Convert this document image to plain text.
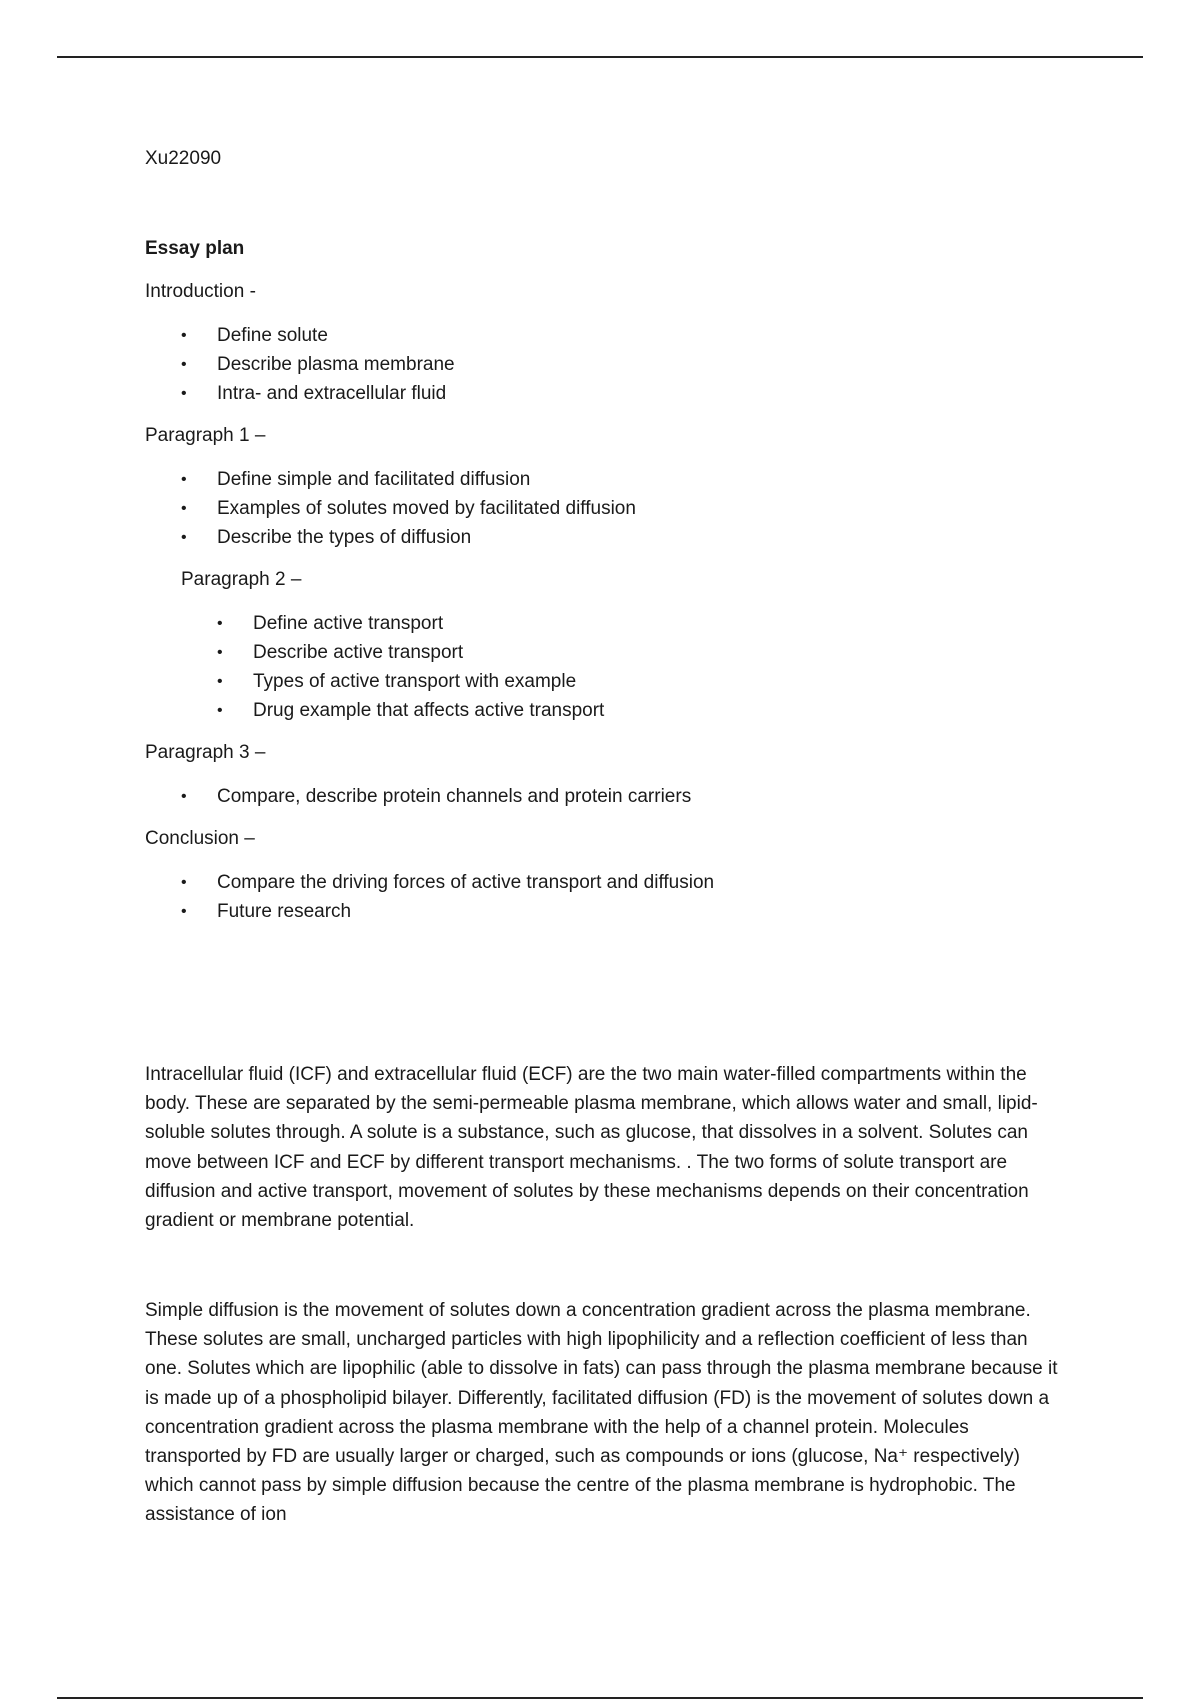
Xu22090
Essay plan
Introduction -
• Define solute
• Describe plasma membrane
• Intra- and extracellular fluid
Paragraph 1 –
• Define simple and facilitated diffusion
• Examples of solutes moved by facilitated diffusion
• Describe the types of diffusion
Paragraph 2 –
• Define active transport
• Describe active transport
• Types of active transport with example
• Drug example that affects active transport
Paragraph 3 –
• Compare, describe protein channels and protein carriers
Conclusion –
• Compare the driving forces of active transport and diffusion
• Future research

Intracellular fluid (ICF) and extracellular fluid (ECF) are the two main water-filled compartments within the body. These are separated by the semi-permeable plasma membrane, which allows water and small, lipid-soluble solutes through. A solute is a substance, such as glucose, that dissolves in a solvent. Solutes can move between ICF and ECF by different transport mechanisms. . The two forms of solute transport are diffusion and active transport, movement of solutes by these mechanisms depends on their concentration gradient or membrane potential.

Simple diffusion is the movement of solutes down a concentration gradient across the plasma membrane. These solutes are small, uncharged particles with high lipophilicity and a reflection coefficient of less than one. Solutes which are lipophilic (able to dissolve in fats) can pass through the plasma membrane because it is made up of a phospholipid bilayer. Differently, facilitated diffusion (FD) is the movement of solutes down a concentration gradient across the plasma membrane with the help of a channel protein. Molecules transported by FD are usually larger or charged, such as compounds or ions (glucose, Na⁺ respectively) which cannot pass by simple diffusion because the centre of the plasma membrane is hydrophobic. The assistance of ion
